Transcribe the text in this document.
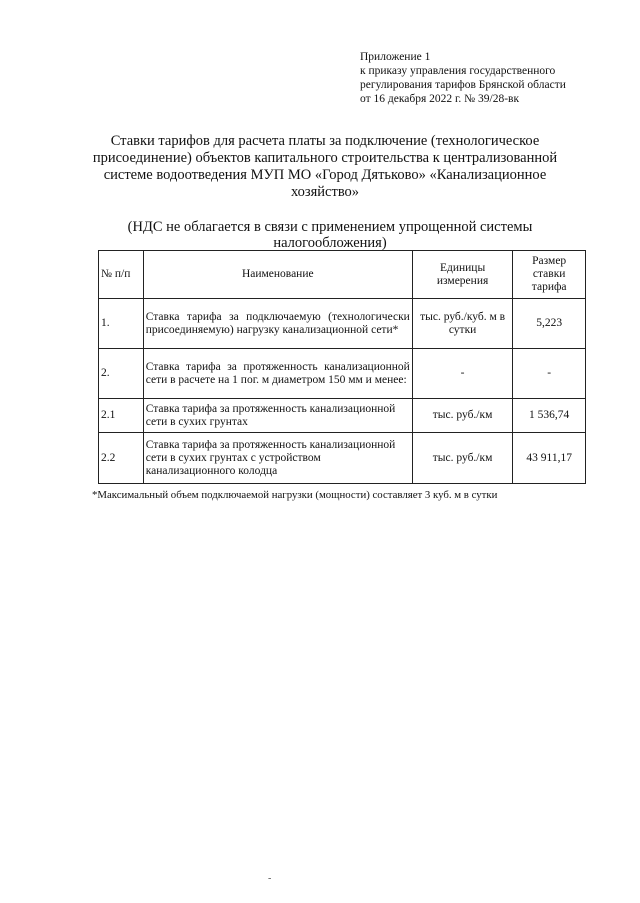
Приложение 1
к приказу управления государственного
регулирования тарифов Брянской области
от 16 декабря 2022 г. № 39/28-вк
Ставки тарифов для расчета платы за подключение (технологическое
присоединение) объектов капитального строительства к централизованной
системе водоотведения МУП МО «Город Дятьково» «Канализационное
хозяйство»
(НДС не облагается в связи с применением упрощенной системы
налогообложения)
№ п/п	Наименование	Единицы измерения	Размер ставки тарифа
1.	Ставка тарифа за подключаемую (технологически присоединяемую) нагрузку канализационной сети*	тыс. руб./куб. м в сутки	5,223
2.	Ставка тарифа за протяженность канализационной сети в расчете на 1 пог. м диаметром 150 мм и менее:	-	-
2.1	Ставка тарифа за протяженность канализационной сети в сухих грунтах	тыс. руб./км	1 536,74
2.2	Ставка тарифа за протяженность канализационной сети в сухих грунтах с устройством канализационного колодца	тыс. руб./км	43 911,17
*Максимальный объем подключаемой нагрузки (мощности) составляет 3 куб. м в сутки
-
